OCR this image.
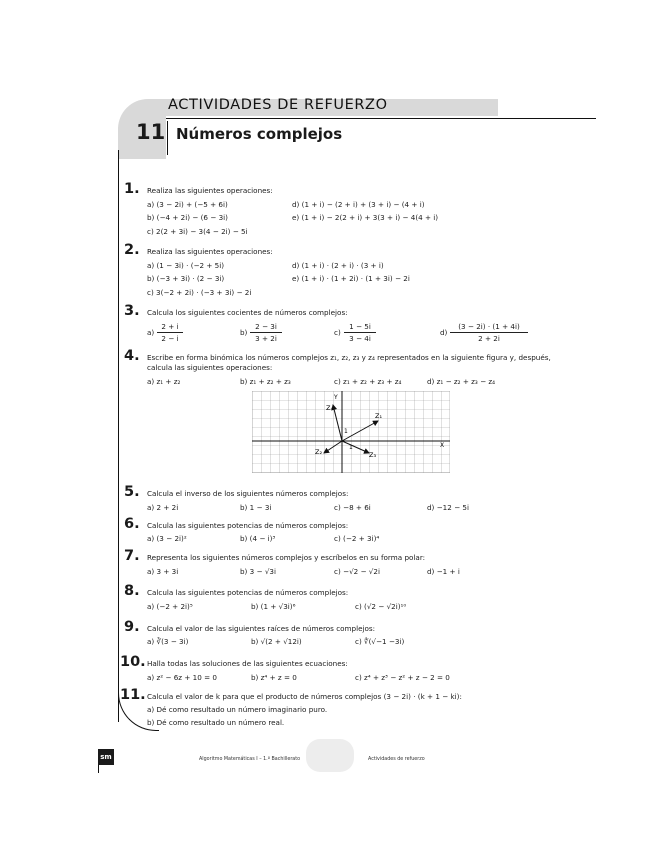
ACTIVIDADES DE REFUERZO
11 Números complejos
1. Realiza las siguientes operaciones:
a) (3 − 2i) + (−5 + 6i)
b) (−4 + 2i) − (6 − 3i)
c) 2(2 + 3i) − 3(4 − 2i) − 5i
d) (1 + i) − (2 + i) + (3 + i) − (4 + i)
e) (1 + i) − 2(2 + i) + 3(3 + i) − 4(4 + i)
2. Realiza las siguientes operaciones:
a) (1 − 3i) · (−2 + 5i)
b) (−3 + 3i) · (2 − 3i)
c) 3(−2 + 2i) · (−3 + 3i) − 2i
d) (1 + i) · (2 + i) · (3 + i)
e) (1 + i) · (1 + 2i) · (1 + 3i) − 2i
3. Calcula los siguientes cocientes de números complejos:
a)
2 + i
2 − i
b)
2 − 3i
3 + 2i
c)
1 − 5i
3 − 4i
d)
(3 − 2i) · (1 + 4i)
2 + 2i
4. Escribe en forma binómica los números complejos z₁, z₂, z₃ y z₄ representados en la siguiente figura y, después,
calcula las siguientes operaciones:
a) z₁ + z₂	b) z₁ + z₂ + z₃	c) z₁ + z₂ + z₃ + z₄	d) z₁ − z₂ + z₃ − z₄
Y
X
1
1
Z₄
Z₁
Z₂	Z₃
5. Calcula el inverso de los siguientes números complejos:
a) 2 + 2i	b) 1 − 3i	c) −8 + 6i	d) −12 − 5i
6. Calcula las siguientes potencias de números complejos:
a) (3 − 2i)²	b) (4 − i)³	c) (−2 + 3i)⁴
7. Representa los siguientes números complejos y escríbelos en su forma polar:
a) 3 + 3i	b) 3 − √3i	c) −√2 − √2i	d) −1 + i
8. Calcula las siguientes potencias de números complejos:
a) (−2 + 2i)⁵	b) (1 + √3i)⁶	c) (√2 − √2i)¹⁰
9. Calcula el valor de las siguientes raíces de números complejos:
a) ∛(3 − 3i)	b) √(2 + √12i)	c) ∜(√−1 −3i)
10. Halla todas las soluciones de las siguientes ecuaciones:
a) z² − 6z + 10 = 0	b) z⁴ + z = 0	c) z⁴ + z³ − z² + z − 2 = 0
11. Calcula el valor de k para que el producto de números complejos (3 − 2i) · (k + 1 − ki):
a) Dé como resultado un número imaginario puro.
b) Dé como resultado un número real.
sm	Algoritmo Matemáticas I – 1.º Bachillerato	Actividades de refuerzo
